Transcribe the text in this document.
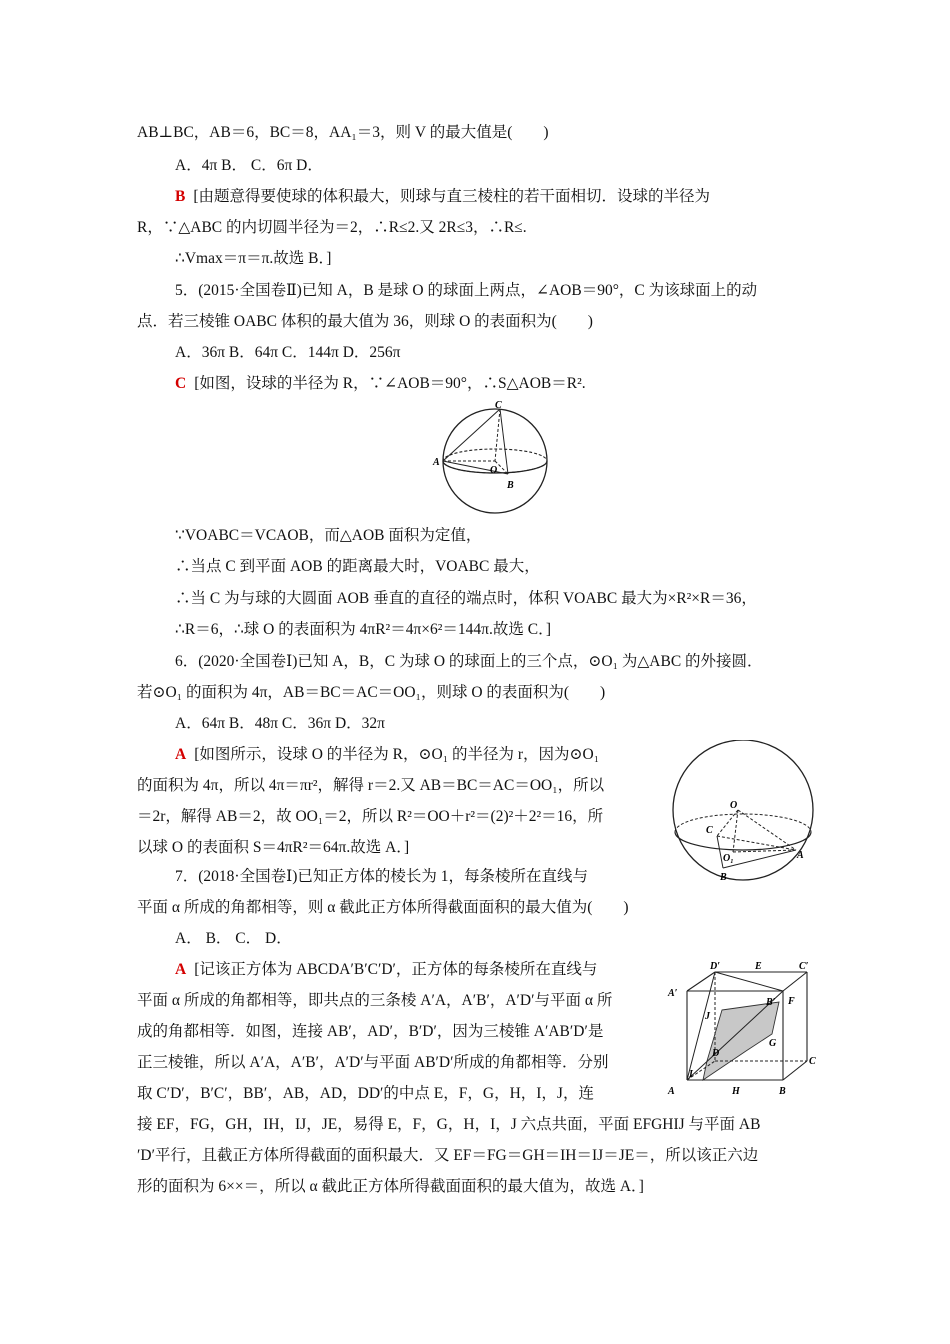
AB⊥BC，AB＝6，BC＝8，AA₁＝3，则 V 的最大值是(　　)
A．4π B． C．6π D．
B [由题意得要使球的体积最大，则球与直三棱柱的若干面相切．设球的半径为
R，∵△ABC 的内切圆半径为＝2，∴R≤2.又 2R≤3，∴R≤.
∴Vmax＝π＝π.故选 B．]
5．(2015·全国卷Ⅱ)已知 A，B 是球 O 的球面上两点，∠AOB＝90°，C 为该球面上的动
点．若三棱锥 OABC 体积的最大值为 36，则球 O 的表面积为(　　)
A．36π B．64π C．144π D．256π
C [如图，设球的半径为 R，∵∠AOB＝90°，∴S△AOB＝R².
C
A
O
B
∵VOABC＝VCAOB，而△AOB 面积为定值，
∴当点 C 到平面 AOB 的距离最大时，VOABC 最大，
∴当 C 为与球的大圆面 AOB 垂直的直径的端点时，体积 VOABC 最大为×R²×R＝36，
∴R＝6，∴球 O 的表面积为 4πR²＝4π×6²＝144π.故选 C．]
6．(2020·全国卷Ⅰ)已知 A，B，C 为球 O 的球面上的三个点，⊙O₁ 为△ABC 的外接圆．
若⊙O₁ 的面积为 4π，AB＝BC＝AC＝OO₁，则球 O 的表面积为(　　)
A．64π B．48π C．36π D．32π
A [如图所示，设球 O 的半径为 R，⊙O₁ 的半径为 r，因为⊙O₁
的面积为 4π，所以 4π＝πr²，解得 r＝2.又 AB＝BC＝AC＝OO₁，所以
＝2r，解得 AB＝2，故 OO₁＝2，所以 R²＝OO＋r²＝(2)²＋2²＝16，所
以球 O 的表面积 S＝4πR²＝64π.故选 A．]
O
C
O₁	A
B
7．(2018·全国卷Ⅰ)已知正方体的棱长为 1，每条棱所在直线与
平面 α 所成的角都相等，则 α 截此正方体所得截面面积的最大值为(　　)
A． B． C． D．
A [记该正方体为 ABCDA′B′C′D′，正方体的每条棱所在直线与
平面 α 所成的角都相等，即共点的三条棱 A′A，A′B′，A′D′与平面 α 所
成的角都相等．如图，连接 AB′，AD′，B′D′，因为三棱锥 A′AB′D′是
正三棱锥，所以 A′A，A′B′，A′D′与平面 AB′D′所成的角都相等．分别
取 C′D′，B′C′，BB′，AB，AD，DD′的中点 E，F，G，H，I，J，连
接 EF，FG，GH，IH，IJ，JE，易得 E，F，G，H，I，J 六点共面，平面 EFGHIJ 与平面 AB
′D′平行，且截正方体所得截面的面积最大．又 EF＝FG＝GH＝IH＝IJ＝JE＝，所以该正六边
形的面积为 6××＝，所以 α 截此正方体所得截面面积的最大值为，故选 A．]
D′	E	C′
A′
B′ F
J
G
D
C
I
A	H	B
